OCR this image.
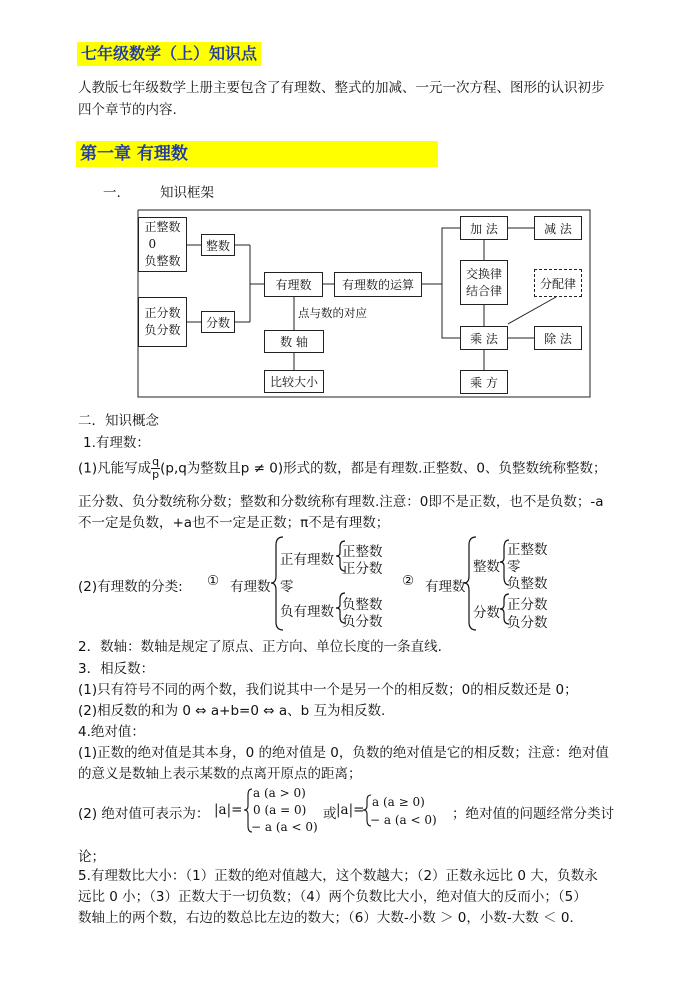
七年级数学（上）知识点
人教版七年级数学上册主要包含了有理数、整式的加减、一元一次方程、图形的认识初步
四个章节的内容.
第一章 有理数
一.	知识框架
正整数
0
负整数
整数
正分数
负分数
分数
有理数	有理数的运算
点与数的对应
数 轴
比较大小
加 法	减 法
交换律
结合律	分配律
乘 法	除 法
乘 方
二．知识概念
1.有理数：
(1)凡能写成 $\frac{q}{p} (p,q$为整数且p ≠ 0)形式的数，都是有理数.正整数、0、负整数统称整数；
正分数、负分数统称分数；整数和分数统称有理数.注意：0即不是正数，也不是负数；-a
不一定是负数，+a也不一定是正数；π不是有理数；
(2)有理数的分类: ① 有理数
正有理数
零
负有理数
正整数
正分数
负整数
负分数
② 有理数
整数
分数
正整数
零
负整数
正分数
负分数
2．数轴：数轴是规定了原点、正方向、单位长度的一条直线.
3．相反数：
(1)只有符号不同的两个数，我们说其中一个是另一个的相反数；0的相反数还是 0；
(2)相反数的和为 0 ⇔ a+b=0 ⇔ a、b 互为相反数.
4.绝对值：
(1)正数的绝对值是其本身，0 的绝对值是 0，负数的绝对值是它的相反数；注意：绝对值
的意义是数轴上表示某数的点离开原点的距离；
(2) 绝对值可表示为： |a|=
a (a > 0)
0 (a = 0)
− a (a < 0)
或 |a|= a (a ≥ 0)
− a (a < 0) ；绝对值的问题经常分类讨
论；
5.有理数比大小：（1）正数的绝对值越大，这个数越大；（2）正数永远比 0 大，负数永
远比 0 小；（3）正数大于一切负数；（4）两个负数比大小，绝对值大的反而小；（5）
数轴上的两个数，右边的数总比左边的数大；（6）大数-小数 ＞ 0，小数-大数 ＜ 0.
